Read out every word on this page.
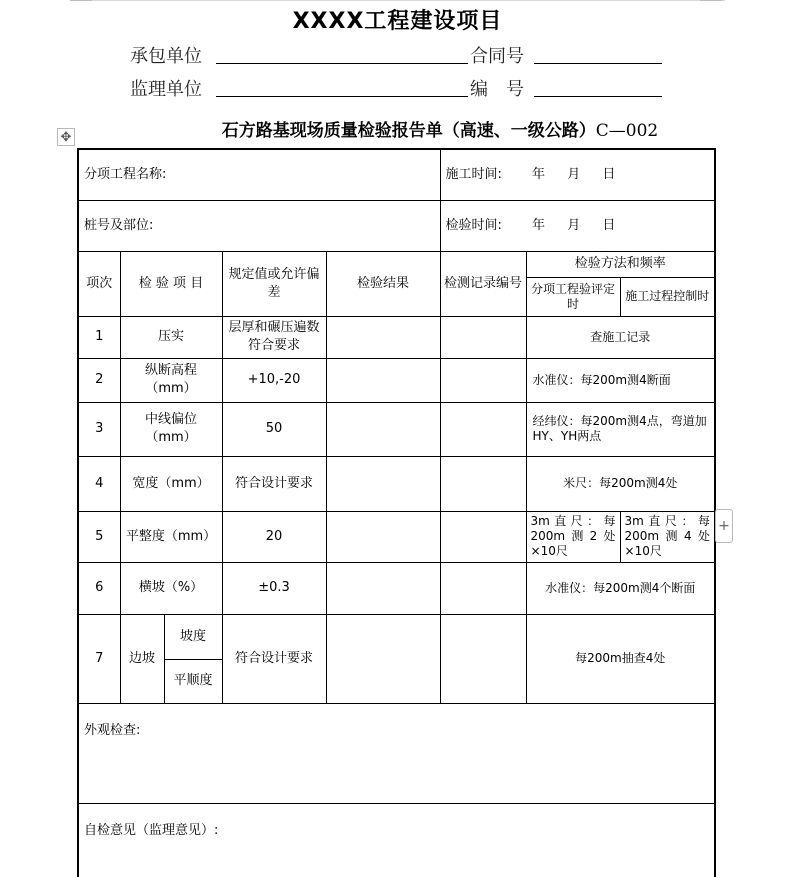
XXXX工程建设项目
承包单位	合同号
监理单位	编　号
石方路基现场质量检验报告单（高速、一级公路）C—002
✥
分项工程名称:					施工时间: 年 月 日		
桩号及部位:					检验时间: 年 月 日		
项次	检 验 项 目		规定值或允许偏差	检验结果	检测记录编号	检验方法和频率	
						分项工程验评定时	施工过程控制时
1	压实		层厚和碾压遍数符合要求			查施工记录	
2	纵断高程（mm）		+10,-20			水准仪：每200m测4断面	
3	中线偏位（mm）		50			经纬仪：每200m测4点，弯道加HY、YH两点	
4	宽度（mm）		符合设计要求			米尺：每200m测4处	
5	平整度（mm）		20			3m直尺：每200m测2处×10尺	3m直尺：每200m测4处×10尺
6	横坡（%）		±0.3			水准仪：每200m测4个断面	
7	边坡	坡度	符合设计要求			每200m抽查4处	
		平顺度					
外观检查:							
自检意见（监理意见）:							
+
